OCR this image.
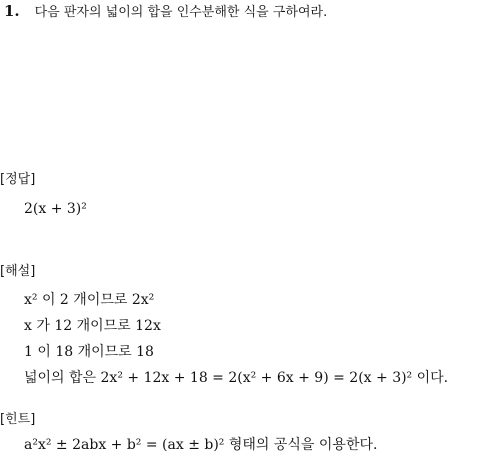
1. 다음 판자의 넓이의 합을 인수분해한 식을 구하여라.
[정답]
2(x + 3)²
[해설]
x² 이 2 개이므로 2x²
x 가 12 개이므로 12x
1 이 18 개이므로 18
넓이의 합은 2x² + 12x + 18 = 2(x² + 6x + 9) = 2(x + 3)² 이다.
[힌트]
a²x² ± 2abx + b² = (ax ± b)² 형태의 공식을 이용한다.
